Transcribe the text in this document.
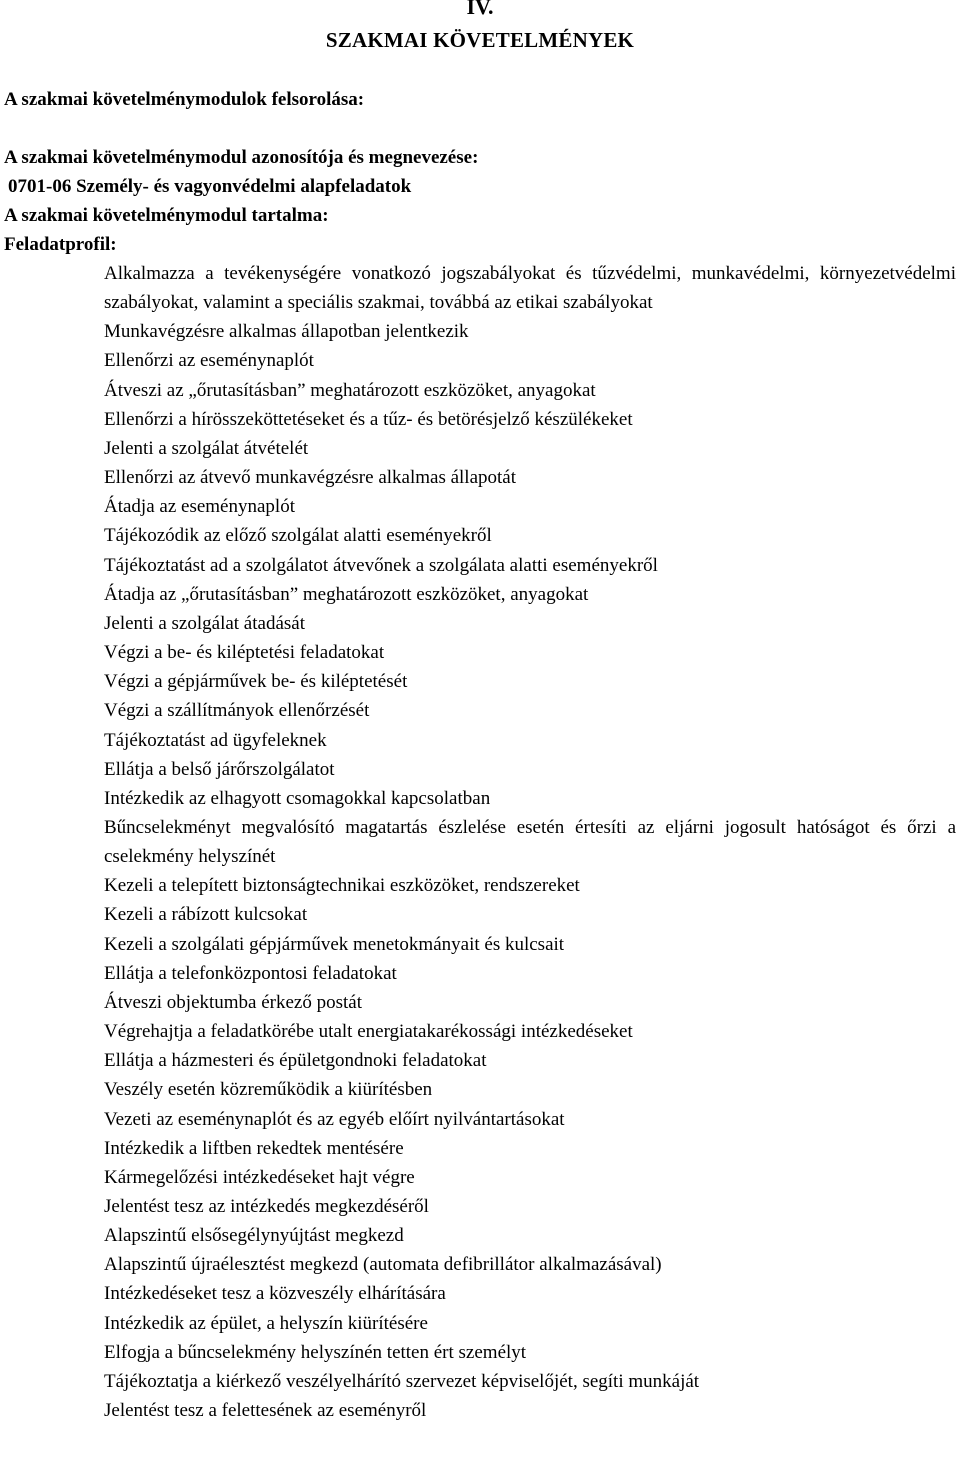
IV.
SZAKMAI KÖVETELMÉNYEK
A szakmai követelménymodulok felsorolása:
A szakmai követelménymodul azonosítója és megnevezése:
0701-06 Személy- és vagyonvédelmi alapfeladatok
A szakmai követelménymodul tartalma:
Feladatprofil:
Alkalmazza a tevékenységére vonatkozó jogszabályokat és tűzvédelmi, munkavédelmi, környezetvédelmi szabályokat, valamint a speciális szakmai, továbbá az etikai szabályokat
Munkavégzésre alkalmas állapotban jelentkezik
Ellenőrzi az eseménynaplót
Átveszi az „őrutasításban” meghatározott eszközöket, anyagokat
Ellenőrzi a hírösszeköttetéseket és a tűz- és betörésjelző készülékeket
Jelenti a szolgálat átvételét
Ellenőrzi az átvevő munkavégzésre alkalmas állapotát
Átadja az eseménynaplót
Tájékozódik az előző szolgálat alatti eseményekről
Tájékoztatást ad a szolgálatot átvevőnek a szolgálata alatti eseményekről
Átadja az „őrutasításban” meghatározott eszközöket, anyagokat
Jelenti a szolgálat átadását
Végzi a be- és kiléptetési feladatokat
Végzi a gépjárművek be- és kiléptetését
Végzi a szállítmányok ellenőrzését
Tájékoztatást ad ügyfeleknek
Ellátja a belső járőrszolgálatot
Intézkedik az elhagyott csomagokkal kapcsolatban
Bűncselekményt megvalósító magatartás észlelése esetén értesíti az eljárni jogosult hatóságot és őrzi a cselekmény helyszínét
Kezeli a telepített biztonságtechnikai eszközöket, rendszereket
Kezeli a rábízott kulcsokat
Kezeli a szolgálati gépjárművek menetokmányait és kulcsait
Ellátja a telefonközpontosi feladatokat
Átveszi objektumba érkező postát
Végrehajtja a feladatkörébe utalt energiatakarékossági intézkedéseket
Ellátja a házmesteri és épületgondnoki feladatokat
Veszély esetén közreműködik a kiürítésben
Vezeti az eseménynaplót és az egyéb előírt nyilvántartásokat
Intézkedik a liftben rekedtek mentésére
Kármegelőzési intézkedéseket hajt végre
Jelentést tesz az intézkedés megkezdéséről
Alapszintű elsősegélynyújtást megkezd
Alapszintű újraélesztést megkezd (automata defibrillátor alkalmazásával)
Intézkedéseket tesz a közveszély elhárítására
Intézkedik az épület, a helyszín kiürítésére
Elfogja a bűncselekmény helyszínén tetten ért személyt
Tájékoztatja a kiérkező veszélyelhárító szervezet képviselőjét, segíti munkáját
Jelentést tesz a felettesének az eseményről
